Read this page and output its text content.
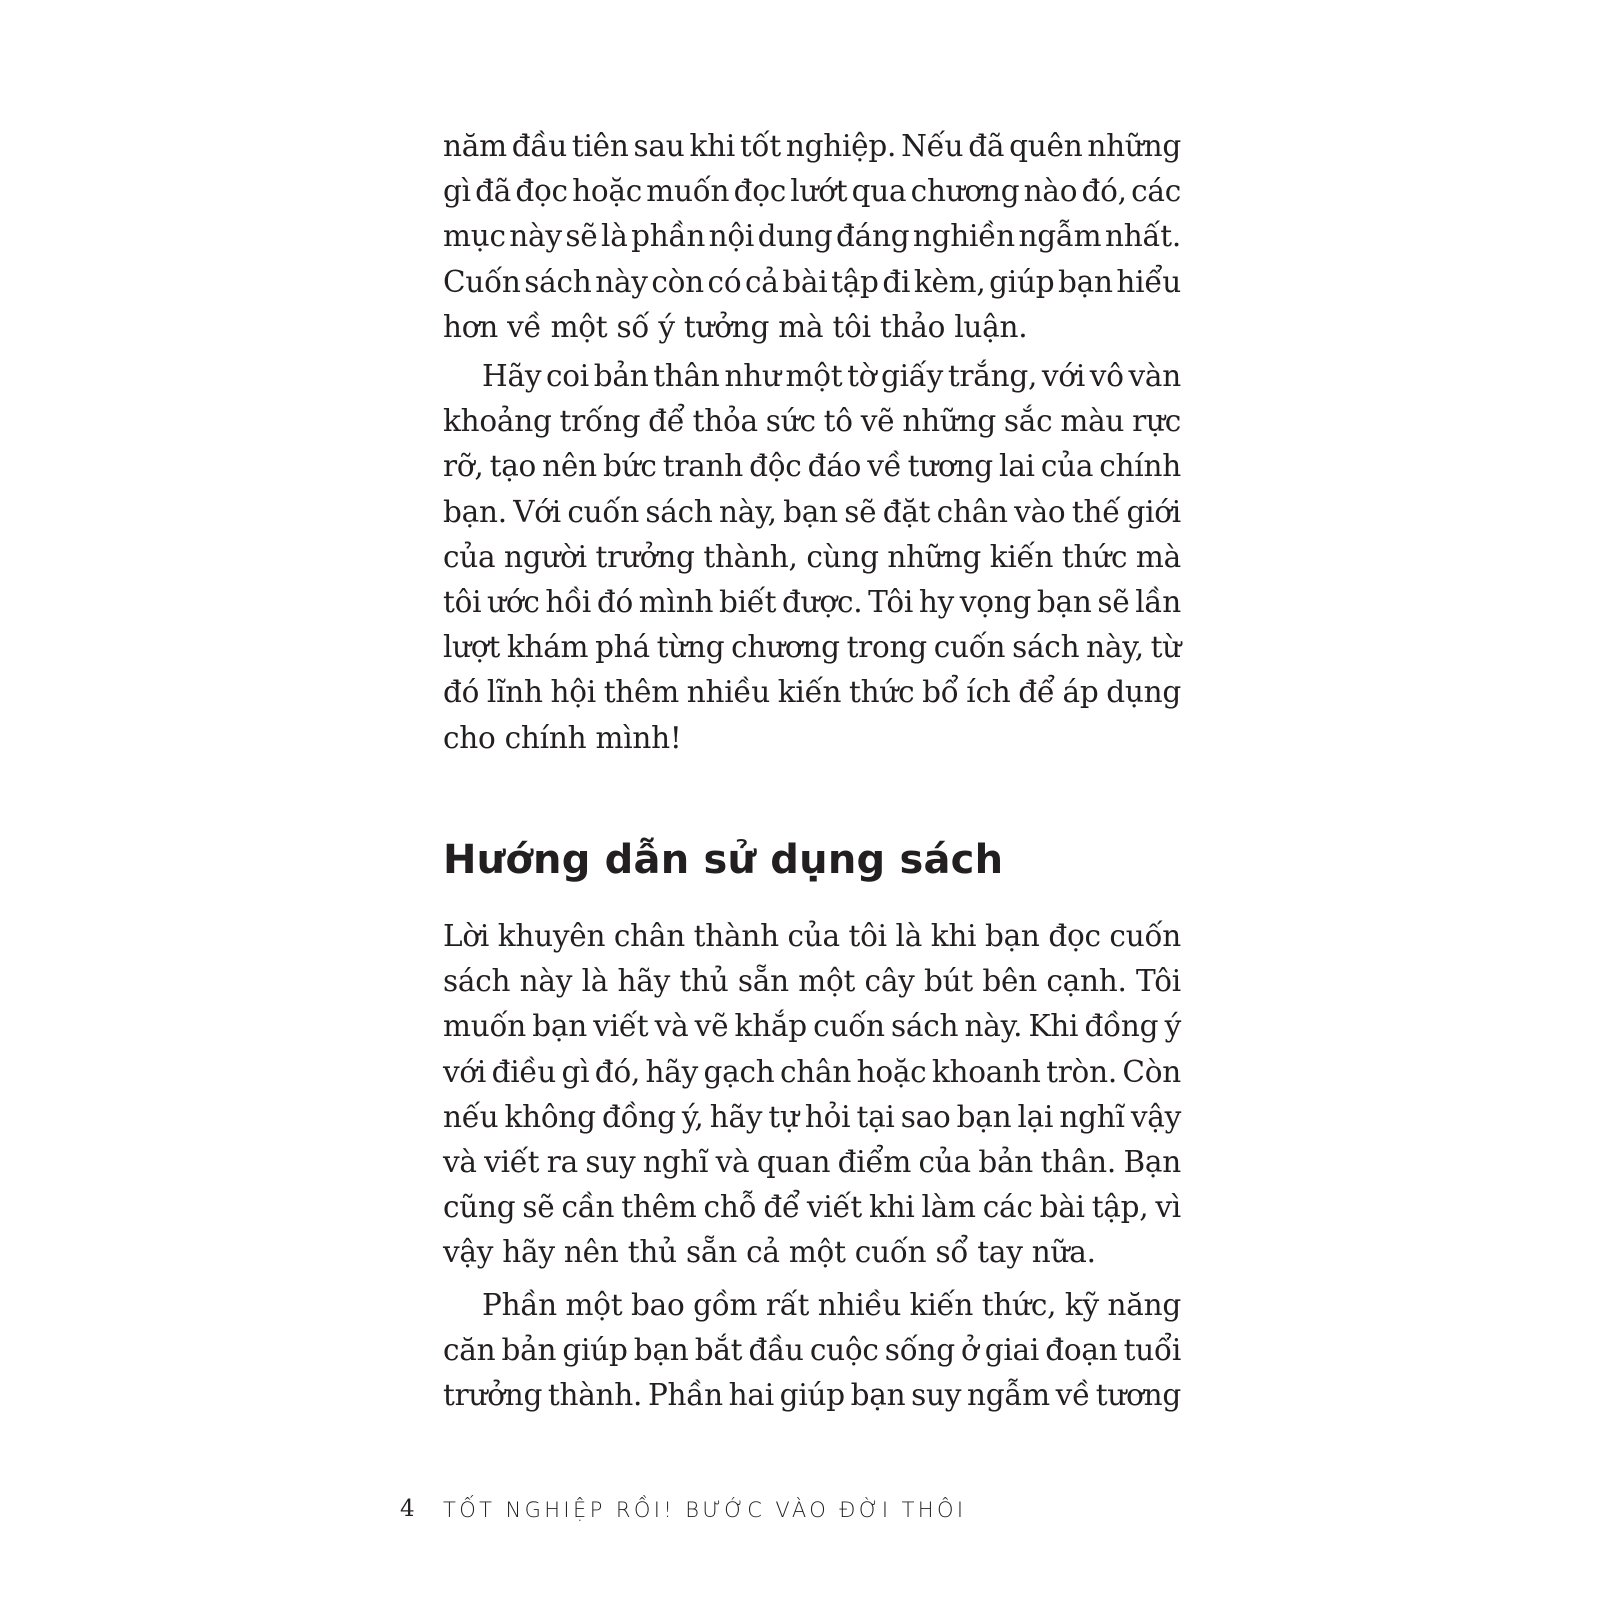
năm đầu tiên sau khi tốt nghiệp. Nếu đã quên những
gì đã đọc hoặc muốn đọc lướt qua chương nào đó, các
mục này sẽ là phần nội dung đáng nghiền ngẫm nhất.
Cuốn sách này còn có cả bài tập đi kèm, giúp bạn hiểu
hơn về một số ý tưởng mà tôi thảo luận.
Hãy coi bản thân như một tờ giấy trắng, với vô vàn
khoảng trống để thỏa sức tô vẽ những sắc màu rực
rỡ, tạo nên bức tranh độc đáo về tương lai của chính
bạn. Với cuốn sách này, bạn sẽ đặt chân vào thế giới
của người trưởng thành, cùng những kiến thức mà
tôi ước hồi đó mình biết được. Tôi hy vọng bạn sẽ lần
lượt khám phá từng chương trong cuốn sách này, từ
đó lĩnh hội thêm nhiều kiến thức bổ ích để áp dụng
cho chính mình!
Hướng dẫn sử dụng sách
Lời khuyên chân thành của tôi là khi bạn đọc cuốn
sách này là hãy thủ sẵn một cây bút bên cạnh. Tôi
muốn bạn viết và vẽ khắp cuốn sách này. Khi đồng ý
với điều gì đó, hãy gạch chân hoặc khoanh tròn. Còn
nếu không đồng ý, hãy tự hỏi tại sao bạn lại nghĩ vậy
và viết ra suy nghĩ và quan điểm của bản thân. Bạn
cũng sẽ cần thêm chỗ để viết khi làm các bài tập, vì
vậy hãy nên thủ sẵn cả một cuốn sổ tay nữa.
Phần một bao gồm rất nhiều kiến thức, kỹ năng
căn bản giúp bạn bắt đầu cuộc sống ở giai đoạn tuổi
trưởng thành. Phần hai giúp bạn suy ngẫm về tương
4 TỐT NGHIỆP RỒI! BƯỚC VÀO ĐỜI THÔI
